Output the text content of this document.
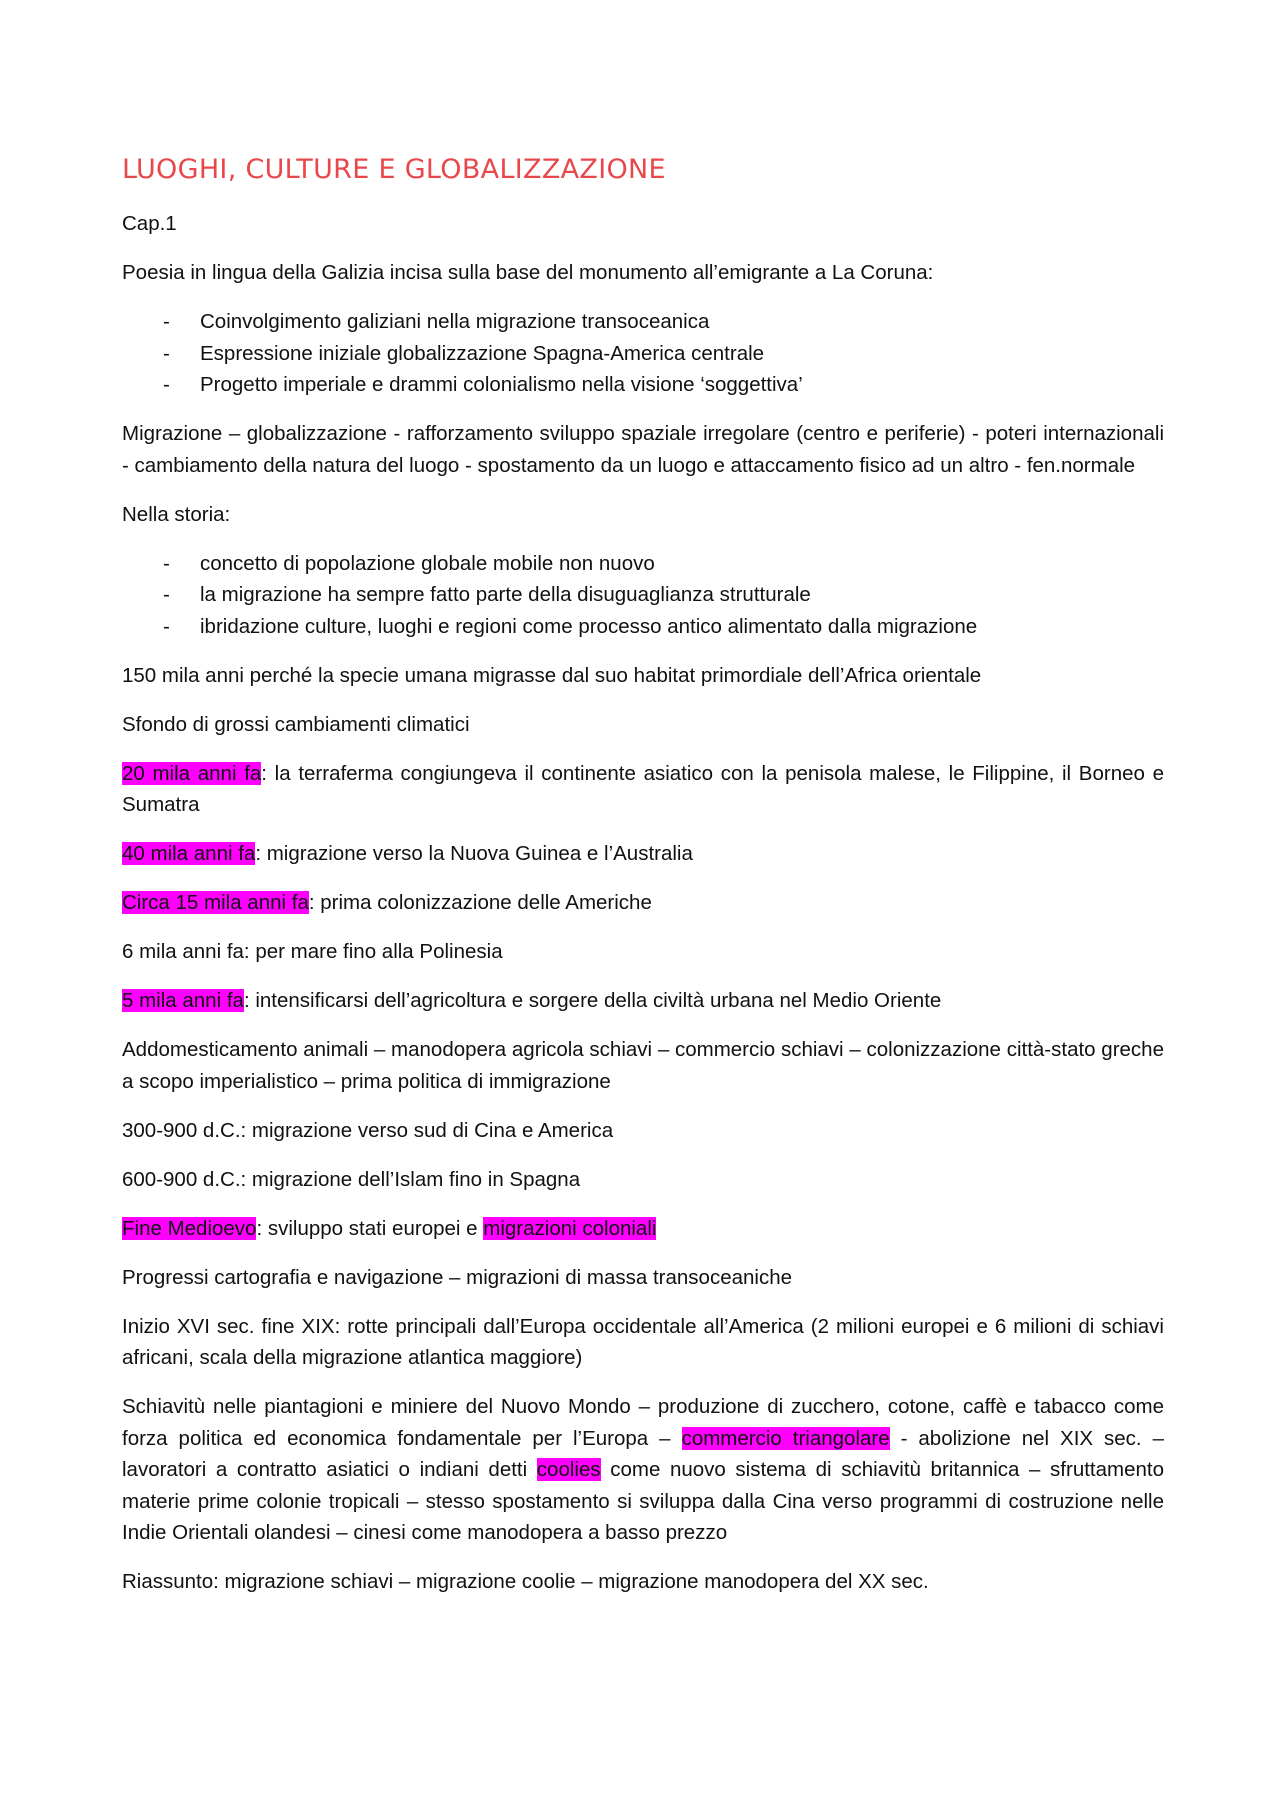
LUOGHI, CULTURE E GLOBALIZZAZIONE

Cap.1

Poesia in lingua della Galizia incisa sulla base del monumento all’emigrante a La Coruna:

- Coinvolgimento galiziani nella migrazione transoceanica
- Espressione iniziale globalizzazione Spagna-America centrale
- Progetto imperiale e drammi colonialismo nella visione ‘soggettiva’

Migrazione – globalizzazione - rafforzamento sviluppo spaziale irregolare (centro e periferie) - poteri internazionali - cambiamento della natura del luogo - spostamento da un luogo e attaccamento fisico ad un altro - fen.normale

Nella storia:

- concetto di popolazione globale mobile non nuovo
- la migrazione ha sempre fatto parte della disuguaglianza strutturale
- ibridazione culture, luoghi e regioni come processo antico alimentato dalla migrazione

150 mila anni perché la specie umana migrasse dal suo habitat primordiale dell’Africa orientale

Sfondo di grossi cambiamenti climatici

20 mila anni fa: la terraferma congiungeva il continente asiatico con la penisola malese, le Filippine, il Borneo e Sumatra

40 mila anni fa: migrazione verso la Nuova Guinea e l’Australia

Circa 15 mila anni fa: prima colonizzazione delle Americhe

6 mila anni fa: per mare fino alla Polinesia

5 mila anni fa: intensificarsi dell’agricoltura e sorgere della civiltà urbana nel Medio Oriente

Addomesticamento animali – manodopera agricola schiavi – commercio schiavi – colonizzazione città-stato greche a scopo imperialistico – prima politica di immigrazione

300-900 d.C.: migrazione verso sud di Cina e America

600-900 d.C.: migrazione dell’Islam fino in Spagna

Fine Medioevo: sviluppo stati europei e migrazioni coloniali

Progressi cartografia e navigazione – migrazioni di massa transoceaniche

Inizio XVI sec. fine XIX: rotte principali dall’Europa occidentale all’America (2 milioni europei e 6 milioni di schiavi africani, scala della migrazione atlantica maggiore)

Schiavitù nelle piantagioni e miniere del Nuovo Mondo – produzione di zucchero, cotone, caffè e tabacco come forza politica ed economica fondamentale per l’Europa – commercio triangolare - abolizione nel XIX sec. – lavoratori a contratto asiatici o indiani detti coolies come nuovo sistema di schiavitù britannica – sfruttamento materie prime colonie tropicali – stesso spostamento si sviluppa dalla Cina verso programmi di costruzione nelle Indie Orientali olandesi – cinesi come manodopera a basso prezzo

Riassunto: migrazione schiavi – migrazione coolie – migrazione manodopera del XX sec.
